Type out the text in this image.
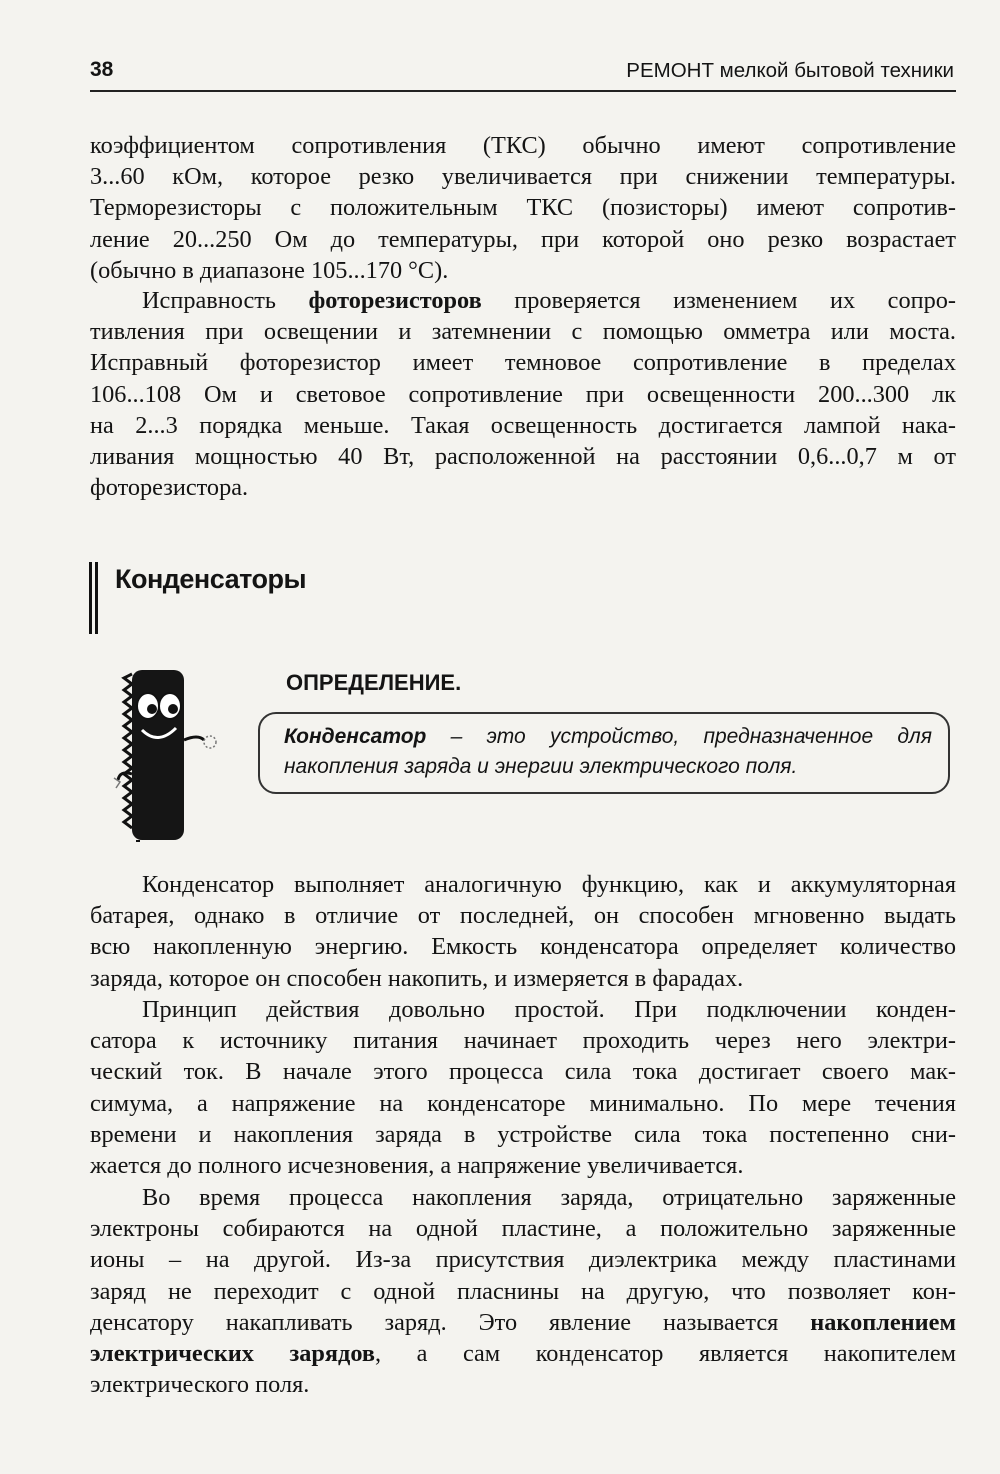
38	РЕМОНТ мелкой бытовой техники

коэффициентом сопротивления (ТКС) обычно имеют сопротивление
3...60 кОм, которое резко увеличивается при снижении температуры.
Терморезисторы с положительным ТКС (позисторы) имеют сопротив-
ление 20...250 Ом до температуры, при которой оно резко возрастает
(обычно в диапазоне 105...170 °С).

Исправность фоторезисторов проверяется изменением их сопро-
тивления при освещении и затемнении с помощью омметра или моста.
Исправный фоторезистор имеет темновое сопротивление в пределах
106...108 Ом и световое сопротивление при освещенности 200...300 лк
на 2...3 порядка меньше. Такая освещенность достигается лампой нака-
ливания мощностью 40 Вт, расположенной на расстоянии 0,6...0,7 м от
фоторезистора.

Конденсаторы
ОПРЕДЕЛЕНИЕ.

Конденсатор – это устройство, предназначенное для
накопления заряда и энергии электрического поля.

Конденсатор выполняет аналогичную функцию, как и аккумуляторная
батарея, однако в отличие от последней, он способен мгновенно выдать
всю накопленную энергию. Емкость конденсатора определяет количество
заряда, которое он способен накопить, и измеряется в фарадах.

Принцип действия довольно простой. При подключении конден-
сатора к источнику питания начинает проходить через него электри-
ческий ток. В начале этого процесса сила тока достигает своего мак-
симума, а напряжение на конденсаторе минимально. По мере течения
времени и накопления заряда в устройстве сила тока постепенно сни-
жается до полного исчезновения, а напряжение увеличивается.

Во время процесса накопления заряда, отрицательно заряженные
электроны собираются на одной пластине, а положительно заряженные
ионы – на другой. Из-за присутствия диэлектрика между пластинами
заряд не переходит с одной пласнины на другую, что позволяет кон-
денсатору накапливать заряд. Это явление называется накоплением
электрических зарядов, а сам конденсатор является накопителем
электрического поля.
